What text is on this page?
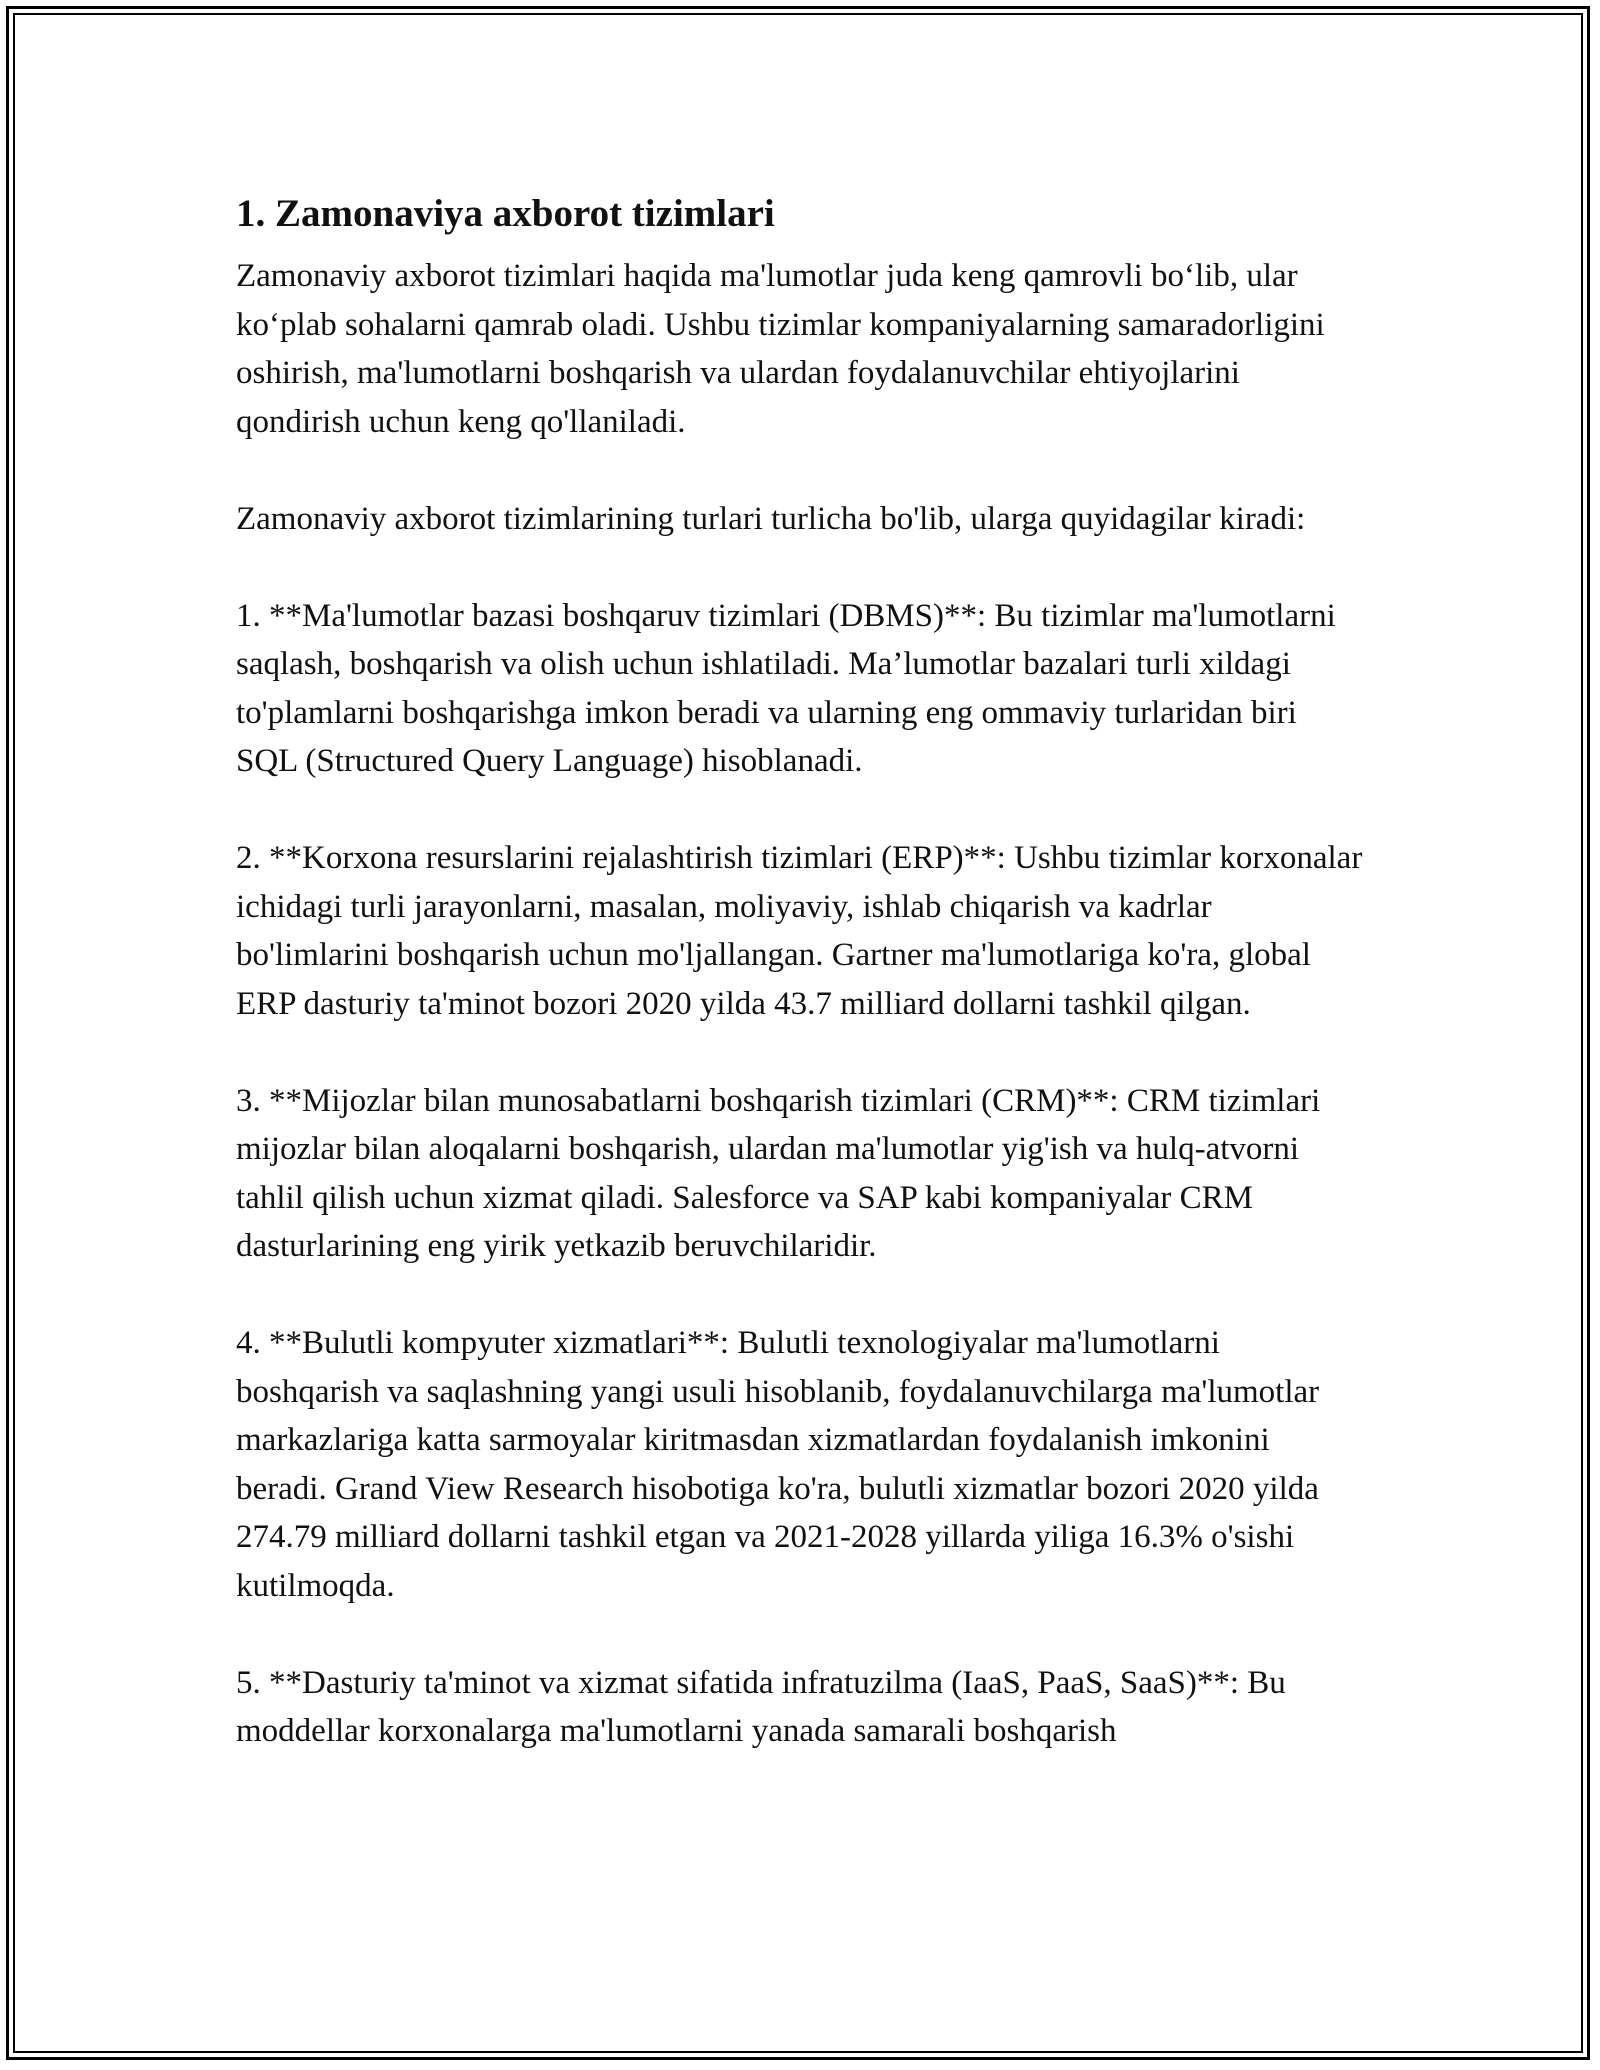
1. Zamonaviya axborot tizimlari

Zamonaviy axborot tizimlari haqida ma'lumotlar juda keng qamrovli bo‘lib, ular ko‘plab sohalarni qamrab oladi. Ushbu tizimlar kompaniyalarning samaradorligini oshirish, ma'lumotlarni boshqarish va ulardan foydalanuvchilar ehtiyojlarini qondirish uchun keng qo'llaniladi.

Zamonaviy axborot tizimlarining turlari turlicha bo'lib, ularga quyidagilar kiradi:

1. **Ma'lumotlar bazasi boshqaruv tizimlari (DBMS)**: Bu tizimlar ma'lumotlarni saqlash, boshqarish va olish uchun ishlatiladi. Ma’lumotlar bazalari turli xildagi to'plamlarni boshqarishga imkon beradi va ularning eng ommaviy turlaridan biri SQL (Structured Query Language) hisoblanadi.

2. **Korxona resurslarini rejalashtirish tizimlari (ERP)**: Ushbu tizimlar korxonalar ichidagi turli jarayonlarni, masalan, moliyaviy, ishlab chiqarish va kadrlar bo'limlarini boshqarish uchun mo'ljallangan. Gartner ma'lumotlariga ko'ra, global ERP dasturiy ta'minot bozori 2020 yilda 43.7 milliard dollarni tashkil qilgan.

3. **Mijozlar bilan munosabatlarni boshqarish tizimlari (CRM)**: CRM tizimlari mijozlar bilan aloqalarni boshqarish, ulardan ma'lumotlar yig'ish va hulq-atvorni tahlil qilish uchun xizmat qiladi. Salesforce va SAP kabi kompaniyalar CRM dasturlarining eng yirik yetkazib beruvchilaridir.

4. **Bulutli kompyuter xizmatlari**: Bulutli texnologiyalar ma'lumotlarni boshqarish va saqlashning yangi usuli hisoblanib, foydalanuvchilarga ma'lumotlar markazlariga katta sarmoyalar kiritmasdan xizmatlardan foydalanish imkonini beradi. Grand View Research hisobotiga ko'ra, bulutli xizmatlar bozori 2020 yilda 274.79 milliard dollarni tashkil etgan va 2021-2028 yillarda yiliga 16.3% o'sishi kutilmoqda.

5. **Dasturiy ta'minot va xizmat sifatida infratuzilma (IaaS, PaaS, SaaS)**: Bu moddellar korxonalarga ma'lumotlarni yanada samarali boshqarish
